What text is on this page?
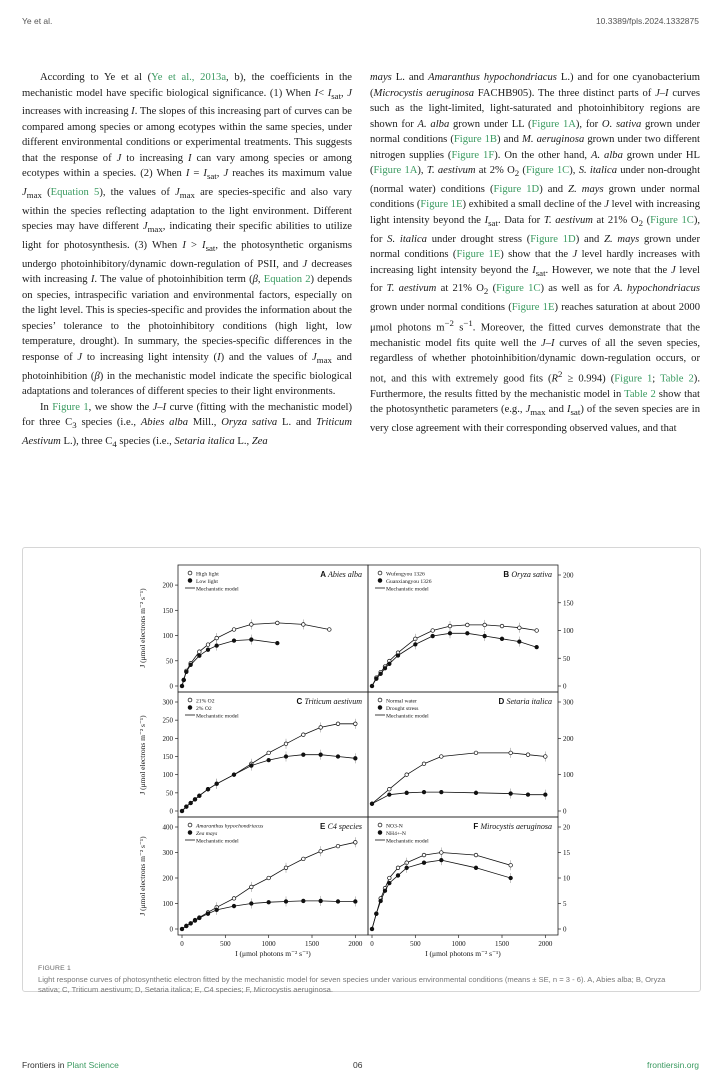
Ye et al.	10.3389/fpls.2024.1332875

According to Ye et al (Ye et al., 2013a, b), the coefficients in the mechanistic model have specific biological significance. (1) When $I< I_{sat}$, J increases with increasing I. The slopes of this increasing part of curves can be compared among species or among ecotypes within the same species, under different environmental conditions or experimental treatments. This suggests that the response of J to increasing I can vary among species or among ecotypes within a species. (2) When $I = I_{sat}$, J reaches its maximum value $J_{max}$ (Equation 5), the values of $J_{max}$ are species-specific and also vary within the species reflecting adaptation to the light environment. Different species may have different $J_{max}$, indicating their specific abilities to utilize light for photosynthesis. (3) When $I > I_{sat}$, the photosynthetic organisms undergo photoinhibitory/dynamic down-regulation of PSII, and J decreases with increasing I. The value of photoinhibition term (β, Equation 2) depends on species, intraspecific variation and environmental factors, especially on the light level. This is species-specific and provides the information about the species’ tolerance to the photoinhibitory conditions (high light, low temperature, drought). In summary, the species-specific differences in the response of J to increasing light intensity (I) and the values of $J_{max}$ and photoinhibition (β) in the mechanistic model indicate the specific biological adaptations and tolerances of different species to their light environments.

In Figure 1, we show the J–I curve (fitting with the mechanistic model) for three $C_3$ species (i.e., Abies alba Mill., Oryza sativa L. and Triticum Aestivum L.), three $C_4$ species (i.e., Setaria italica L., Zea

mays L. and Amaranthus hypochondriacus L.) and for one cyanobacterium (Microcystis aeruginosa FACHB905). The three distinct parts of J–I curves such as the light-limited, light-saturated and photoinhibitory regions are shown for A. alba grown under LL (Figure 1A), for O. sativa grown under normal conditions (Figure 1B) and M. aeruginosa grown under two different nitrogen supplies (Figure 1F). On the other hand, A. alba grown under HL (Figure 1A), T. aestivum at 2% $O_2$ (Figure 1C), S. italica under non-drought (normal water) conditions (Figure 1D) and Z. mays grown under normal conditions (Figure 1E) exhibited a small decline of the J level with increasing light intensity beyond the $I_{sat}$. Data for T. aestivum at 21% $O_2$ (Figure 1C), for S. italica under drought stress (Figure 1D) and Z. mays grown under normal conditions (Figure 1E) show that the J level hardly increases with increasing light intensity beyond the $I_{sat}$. However, we note that the J level for T. aestivum at 21% $O_2$ (Figure 1C) as well as for A. hypochondriacus grown under normal conditions (Figure 1E) reaches saturation at about 2000 μmol photons $m^{-2}$ $s^{-1}$. Moreover, the fitted curves demonstrate that the mechanistic model fits quite well the J–I curves of all the seven species, regardless of whether photoinhibition/dynamic down-regulation occurs, or not, and this with extremely good fits $(R^2 \ge 0.994)$ (Figure 1; Table 2). Furthermore, the results fitted by the mechanistic model in Table 2 show that the photosynthetic parameters (e.g., $J_{max}$ and $I_{sat}$) of the seven species are in very close agreement with their corresponding observed values, and that

0
50
100
150
200
A Abies alba
High light
Low light
Mechanistic model
0
50
100
150
200
B Oryza sativa
Wufengyou 1326
Guanxiangyou 1326
Mechanistic model
0
50
100
150
200
250
300	C Triticum aestivum
21% O2
2% O2
Mechanistic model
0
100
200
300
D Setaria italica
Normal water
Drought stress
Mechanistic model
0
100
200
300
400
0	500	1000	1500	2000
E C4 species
Amaranthus hypochondriacus
Zea mays
Mechanistic model
0
5
10
15
20
0	500	1000	1500	2000
F Mirocystis aeruginosa
NO3-N
NH4+-N
Mechanistic model
J (μmol electrons m⁻² s⁻¹)
J (μmol electrons m⁻² s⁻¹)
J (μmol electrons m⁻² s⁻¹)
I (μmol photons m⁻² s⁻¹)	I (μmol photons m⁻² s⁻¹)
FIGURE 1
Light response curves of photosynthetic electron fitted by the mechanistic model for seven species under various environmental conditions (means ± SE, n = 3 - 6). A, Abies alba; B, Oryza sativa; C, Triticum aestivum; D, Setaria italica; E, C4 species; F, Microcystis aeruginosa.
Frontiers in Plant Science	06	frontiersin.org
